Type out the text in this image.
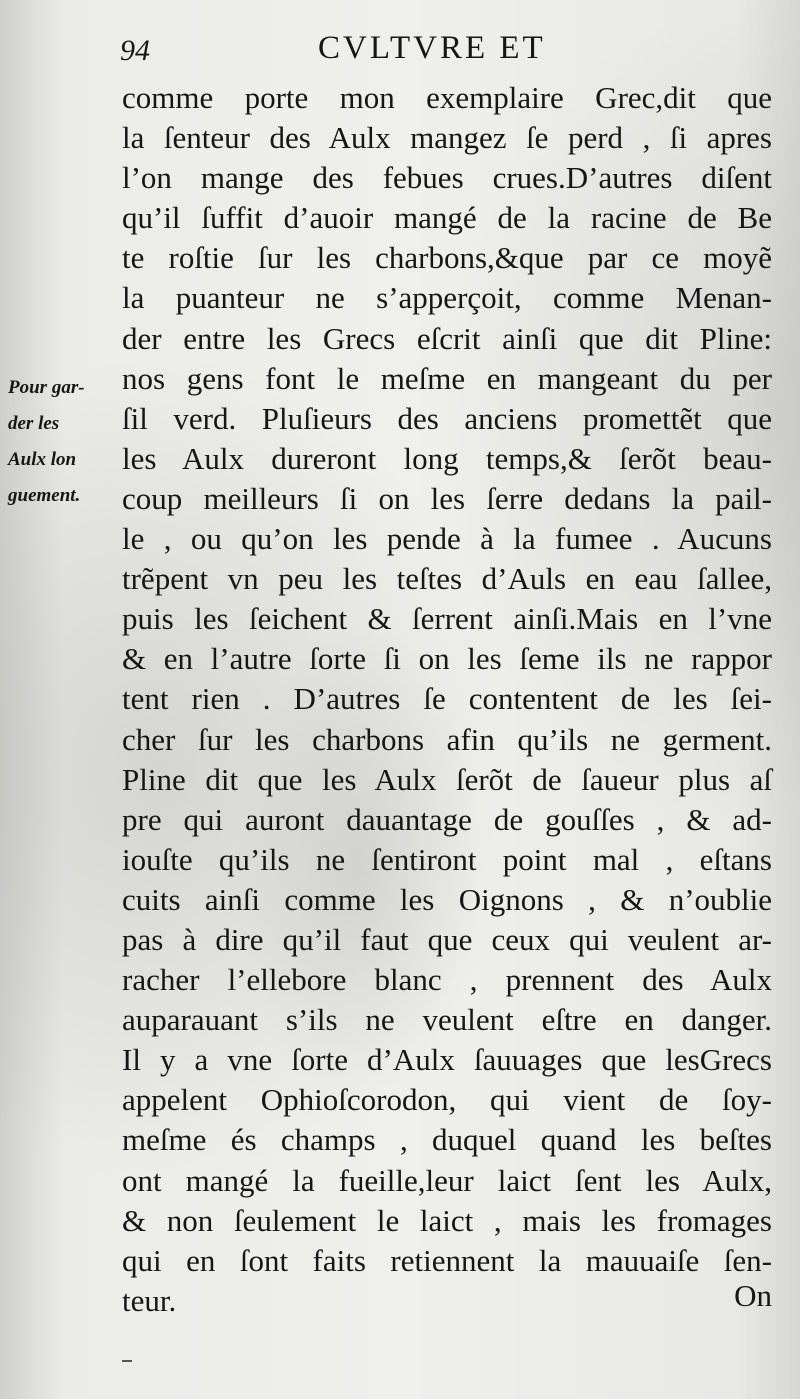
94	CVLTVRE ET
Pour gar-
der les
Aulx lon
guement.
comme porte mon exemplaire Grec,dit que
la ſenteur des Aulx mangez ſe perd , ſi apres
l’on mange des febues crues.D’autres diſent
qu’il ſuffit d’auoir mangé de la racine de Be
te roſtie ſur les charbons,&que par ce moyẽ
la puanteur ne s’apperçoit, comme Menan-
der entre les Grecs eſcrit ainſi que dit Pline:
nos gens font le meſme en mangeant du per
ſil verd. Pluſieurs des anciens promettẽt que
les Aulx dureront long temps,& ſerõt beau-
coup meilleurs ſi on les ſerre dedans la pail-
le , ou qu’on les pende à la fumee . Aucuns
trẽpent vn peu les teſtes d’Auls en eau ſallee,
puis les ſeichent & ſerrent ainſi.Mais en l’vne
& en l’autre ſorte ſi on les ſeme ils ne rappor
tent rien . D’autres ſe contentent de les ſei-
cher ſur les charbons afin qu’ils ne germent.
Pline dit que les Aulx ſerõt de ſaueur plus aſ
pre qui auront dauantage de gouſſes , & ad-
iouſte qu’ils ne ſentiront point mal , eſtans
cuits ainſi comme les Oignons , & n’oublie
pas à dire qu’il faut que ceux qui veulent ar-
racher l’ellebore blanc , prennent des Aulx
auparauant s’ils ne veulent eſtre en danger.
Il y a vne ſorte d’Aulx ſauuages que lesGrecs
appelent Ophioſcorodon, qui vient de ſoy-
meſme és champs , duquel quand les beſtes
ont mangé la fueille,leur laict ſent les Aulx,
& non ſeulement le laict , mais les fromages
qui en ſont faits retiennent la mauuaiſe ſen-
teur.	On
